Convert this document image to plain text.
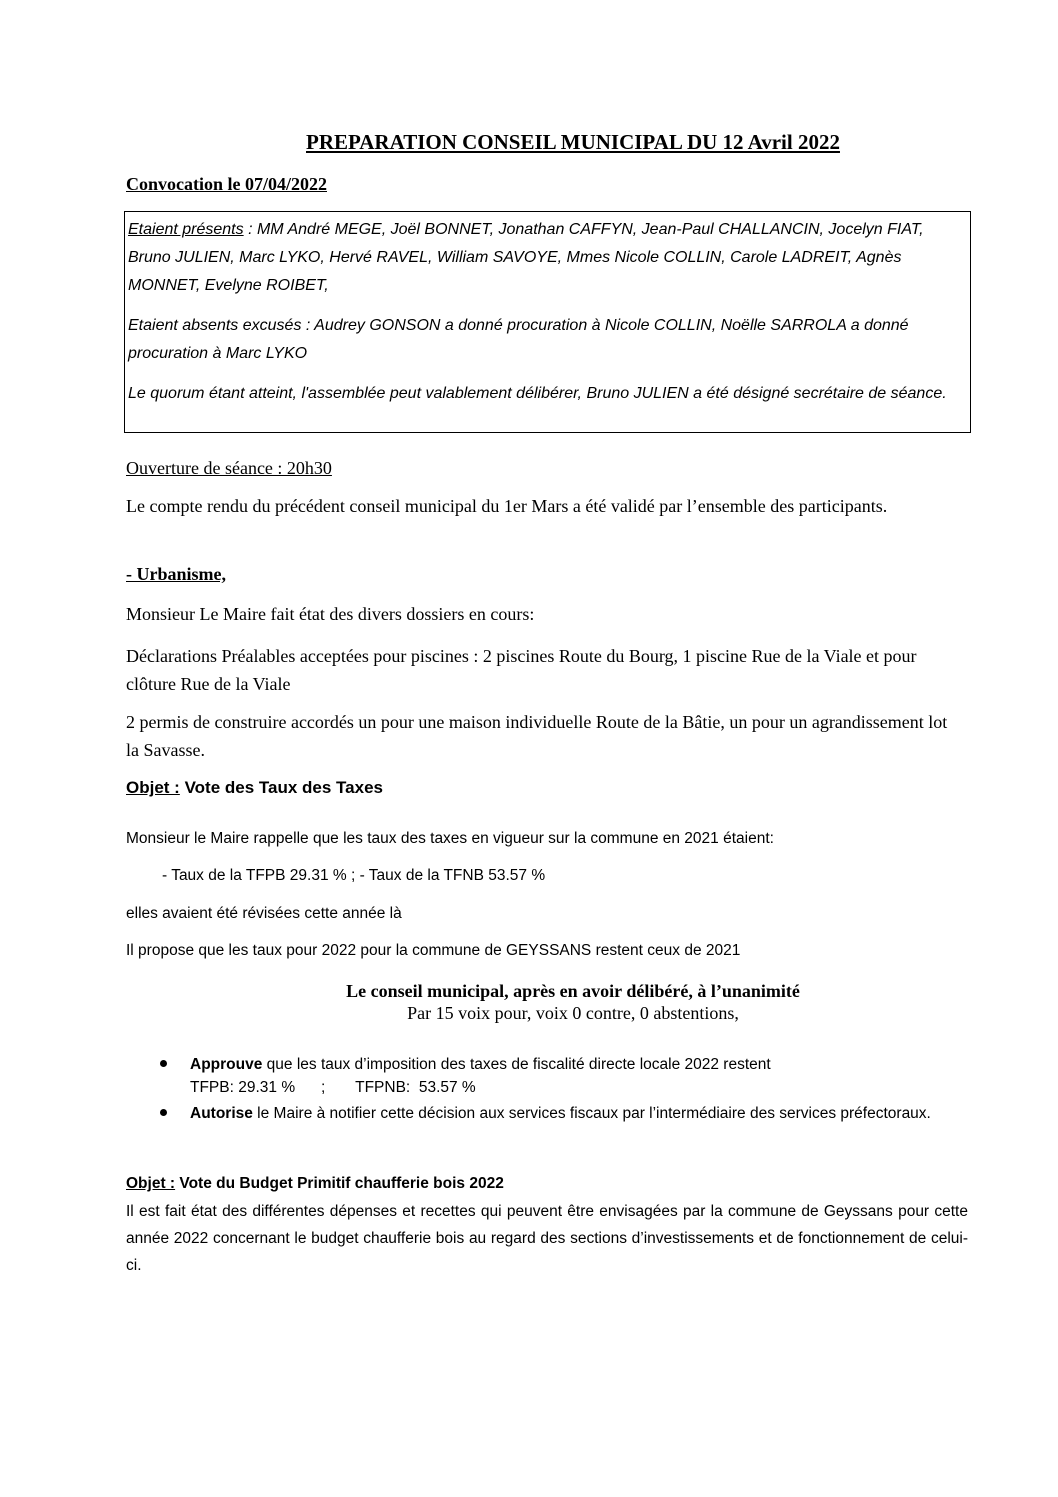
PREPARATION CONSEIL MUNICIPAL DU 12 Avril 2022
Convocation le 07/04/2022

Etaient présents : MM André MEGE, Joël BONNET, Jonathan CAFFYN, Jean-Paul CHALLANCIN, Jocelyn FIAT, Bruno JULIEN, Marc LYKO, Hervé RAVEL, William SAVOYE, Mmes Nicole COLLIN, Carole LADREIT, Agnès MONNET, Evelyne ROIBET,

Etaient absents excusés : Audrey GONSON a donné procuration à Nicole COLLIN, Noëlle SARROLA a donné procuration à Marc LYKO

Le quorum étant atteint, l'assemblée peut valablement délibérer, Bruno JULIEN a été désigné secrétaire de séance.

Ouverture de séance : 20h30

Le compte rendu du précédent conseil municipal du 1er Mars a été validé par l’ensemble des participants.

- Urbanisme,

Monsieur Le Maire fait état des divers dossiers en cours:

Déclarations Préalables acceptées pour piscines : 2 piscines Route du Bourg, 1 piscine Rue de la Viale et pour clôture Rue de la Viale

2 permis de construire accordés un pour une maison individuelle Route de la Bâtie, un pour un agrandissement lot la Savasse.

Objet : Vote des Taux des Taxes

Monsieur le Maire rappelle que les taux des taxes en vigueur sur la commune en 2021 étaient:

- Taux de la TFPB 29.31 % ; - Taux de la TFNB 53.57 %

elles avaient été révisées cette année là

Il propose que les taux pour 2022 pour la commune de GEYSSANS restent ceux de 2021

Le conseil municipal, après en avoir délibéré, à l’unanimité
Par 15 voix pour, voix 0 contre, 0 abstentions,
Approuve que les taux d’imposition des taxes de fiscalité directe locale 2022 restent
TFPB: 29.31 %      ;       TFPNB:  53.57 %
Autorise le Maire à notifier cette décision aux services fiscaux par l’intermédiaire des services préfectoraux.
Objet : Vote du Budget Primitif chaufferie bois 2022

Il est fait état des différentes dépenses et recettes qui peuvent être envisagées par la commune de Geyssans pour cette année 2022 concernant le budget chaufferie bois au regard des sections d’investissements et de fonctionnement de celui-ci.
